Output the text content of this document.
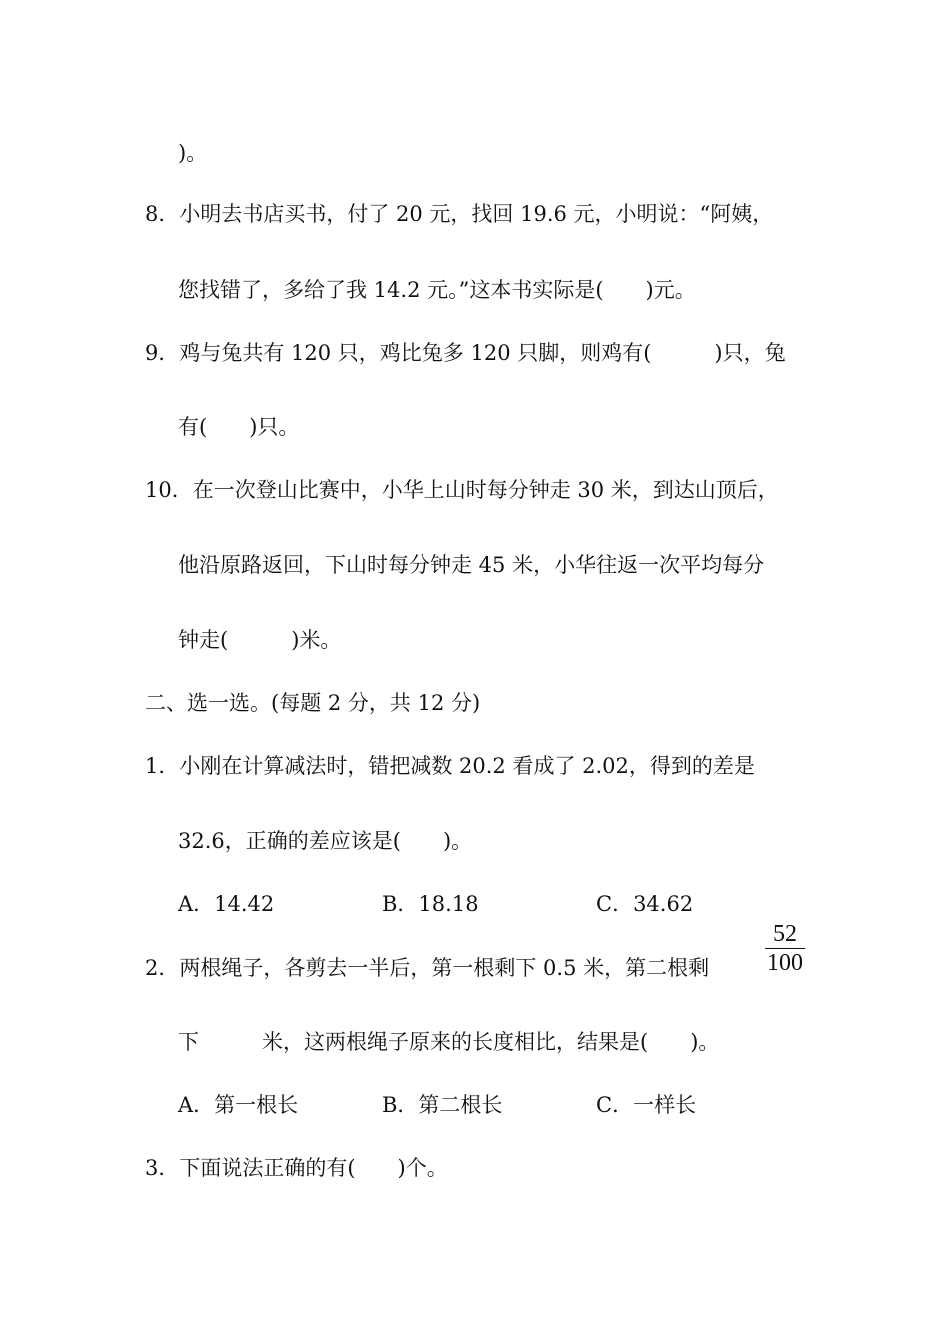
)。
8．小明去书店买书，付了 20 元，找回 19.6 元，小明说：“阿姨，
您找错了，多给了我 14.2 元。”这本书实际是(　　)元。
9．鸡与兔共有 120 只，鸡比兔多 120 只脚，则鸡有(　　　)只，兔
有(　　)只。
10．在一次登山比赛中，小华上山时每分钟走 30 米，到达山顶后，
他沿原路返回，下山时每分钟走 45 米，小华往返一次平均每分
钟走(　　　)米。
二、选一选。(每题 2 分，共 12 分)
1．小刚在计算减法时，错把减数 20.2 看成了 2.02，得到的差是
32.6，正确的差应该是(　　)。
A．14.42	B．18.18	C．34.62
52
100
2．两根绳子，各剪去一半后，第一根剩下 0.5 米，第二根剩
下　　　米，这两根绳子原来的长度相比，结果是(　　)。
A．第一根长	B．第二根长	C．一样长
3．下面说法正确的有(　　)个。
